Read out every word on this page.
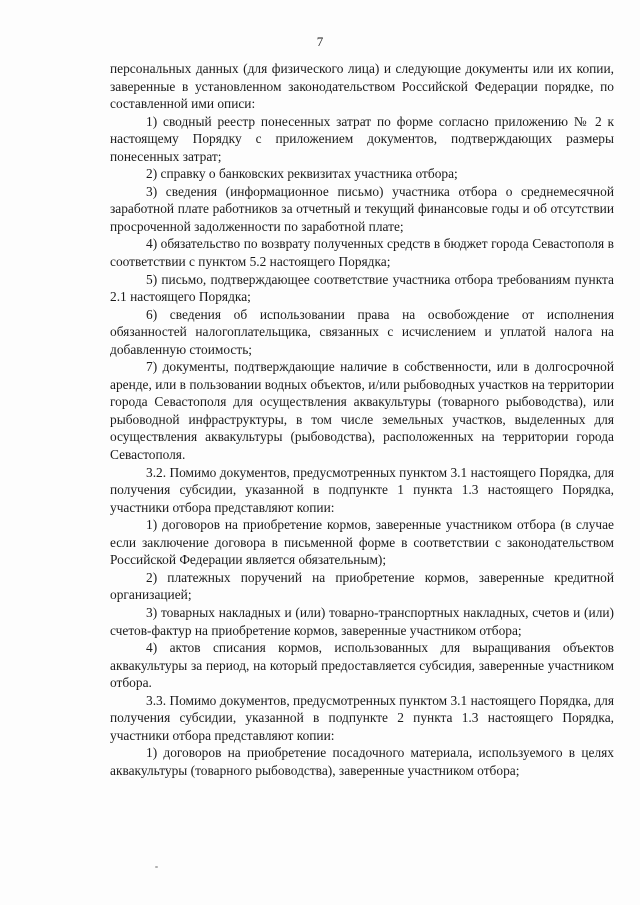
7

персональных данных (для физического лица) и следующие документы или их копии, заверенные в установленном законодательством Российской Федерации порядке, по составленной ими описи:

1) сводный реестр понесенных затрат по форме согласно приложению № 2 к настоящему Порядку с приложением документов, подтверждающих размеры понесенных затрат;

2) справку о банковских реквизитах участника отбора;

3) сведения (информационное письмо) участника отбора о среднемесячной заработной плате работников за отчетный и текущий финансовые годы и об отсутствии просроченной задолженности по заработной плате;

4) обязательство по возврату полученных средств в бюджет города Севастополя в соответствии с пунктом 5.2 настоящего Порядка;

5) письмо, подтверждающее соответствие участника отбора требованиям пункта 2.1 настоящего Порядка;

6) сведения об использовании права на освобождение от исполнения обязанностей налогоплательщика, связанных с исчислением и уплатой налога на добавленную стоимость;

7) документы, подтверждающие наличие в собственности, или в долгосрочной аренде, или в пользовании водных объектов, и/или рыбоводных участков на территории города Севастополя для осуществления аквакультуры (товарного рыбоводства), или рыбоводной инфраструктуры, в том числе земельных участков, выделенных для осуществления аквакультуры (рыбоводства), расположенных на территории города Севастополя.

3.2. Помимо документов, предусмотренных пунктом 3.1 настоящего Порядка, для получения субсидии, указанной в подпункте 1 пункта 1.3 настоящего Порядка, участники отбора представляют копии:

1) договоров на приобретение кормов, заверенные участником отбора (в случае если заключение договора в письменной форме в соответствии с законодательством Российской Федерации является обязательным);

2) платежных поручений на приобретение кормов, заверенные кредитной организацией;

3) товарных накладных и (или) товарно-транспортных накладных, счетов и (или) счетов-фактур на приобретение кормов, заверенные участником отбора;

4) актов списания кормов, использованных для выращивания объектов аквакультуры за период, на который предоставляется субсидия, заверенные участником отбора.

3.3. Помимо документов, предусмотренных пунктом 3.1 настоящего Порядка, для получения субсидии, указанной в подпункте 2 пункта 1.3 настоящего Порядка, участники отбора представляют копии:

1) договоров на приобретение посадочного материала, используемого в целях аквакультуры (товарного рыбоводства), заверенные участником отбора;
